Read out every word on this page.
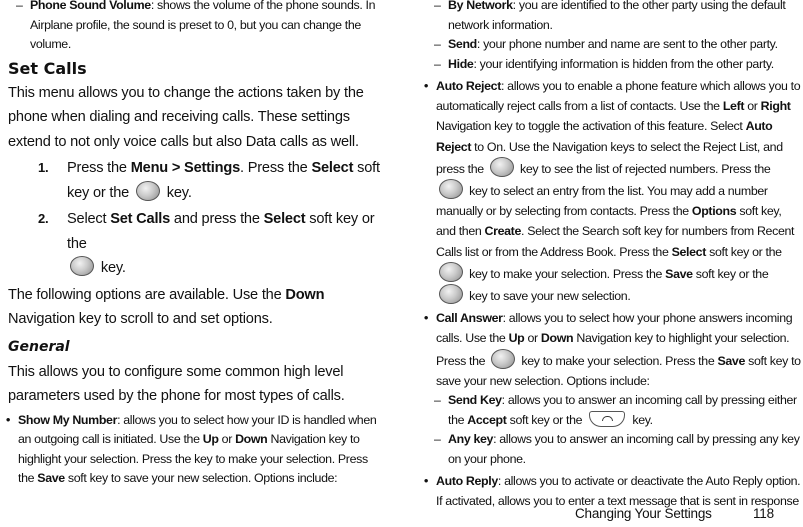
– Phone Sound Volume: shows the volume of the phone sounds. In Airplane profile, the sound is preset to 0, but you can change the volume.
Set Calls
This menu allows you to change the actions taken by the phone when dialing and receiving calls. These settings extend to not only voice calls but also Data calls as well.
1. Press the Menu > Settings. Press the Select soft key or the  key.
2. Select Set Calls and press the Select soft key or the
key.
The following options are available. Use the Down Navigation key to scroll to and set options.
General
This allows you to configure some common high level parameters used by the phone for most types of calls.
• Show My Number: allows you to select how your ID is handled when an outgoing call is initiated. Use the Up or Down Navigation key to highlight your selection. Press the key to make your selection. Press the Save soft key to save your new selection. Options include:
– By Network: you are identified to the other party using the default network information.
– Send: your phone number and name are sent to the other party.
– Hide: your identifying information is hidden from the other party.
• Auto Reject: allows you to enable a phone feature which allows you to automatically reject calls from a list of contacts. Use the Left or Right Navigation key to toggle the activation of this feature. Select Auto Reject to On. Use the Navigation keys to select the Reject List, and press the  key to see the list of rejected numbers. Press the  key to select an entry from the list. You may add a number manually or by selecting from contacts. Press the Options soft key, and then Create. Select the Search soft key for numbers from Recent Calls list or from the Address Book. Press the Select soft key or the  key to make your selection. Press the Save soft key or the  key to save your new selection.
• Call Answer: allows you to select how your phone answers incoming calls. Use the Up or Down Navigation key to highlight your selection. Press the  key to make your selection. Press the Save soft key to save your new selection. Options include:
– Send Key: allows you to answer an incoming call by pressing either the Accept soft key or the	key.
– Any key: allows you to answer an incoming call by pressing any key on your phone.
• Auto Reply: allows you to activate or deactivate the Auto Reply option. If activated, allows you to enter a text message that is sent in response
Changing Your Settings	118
